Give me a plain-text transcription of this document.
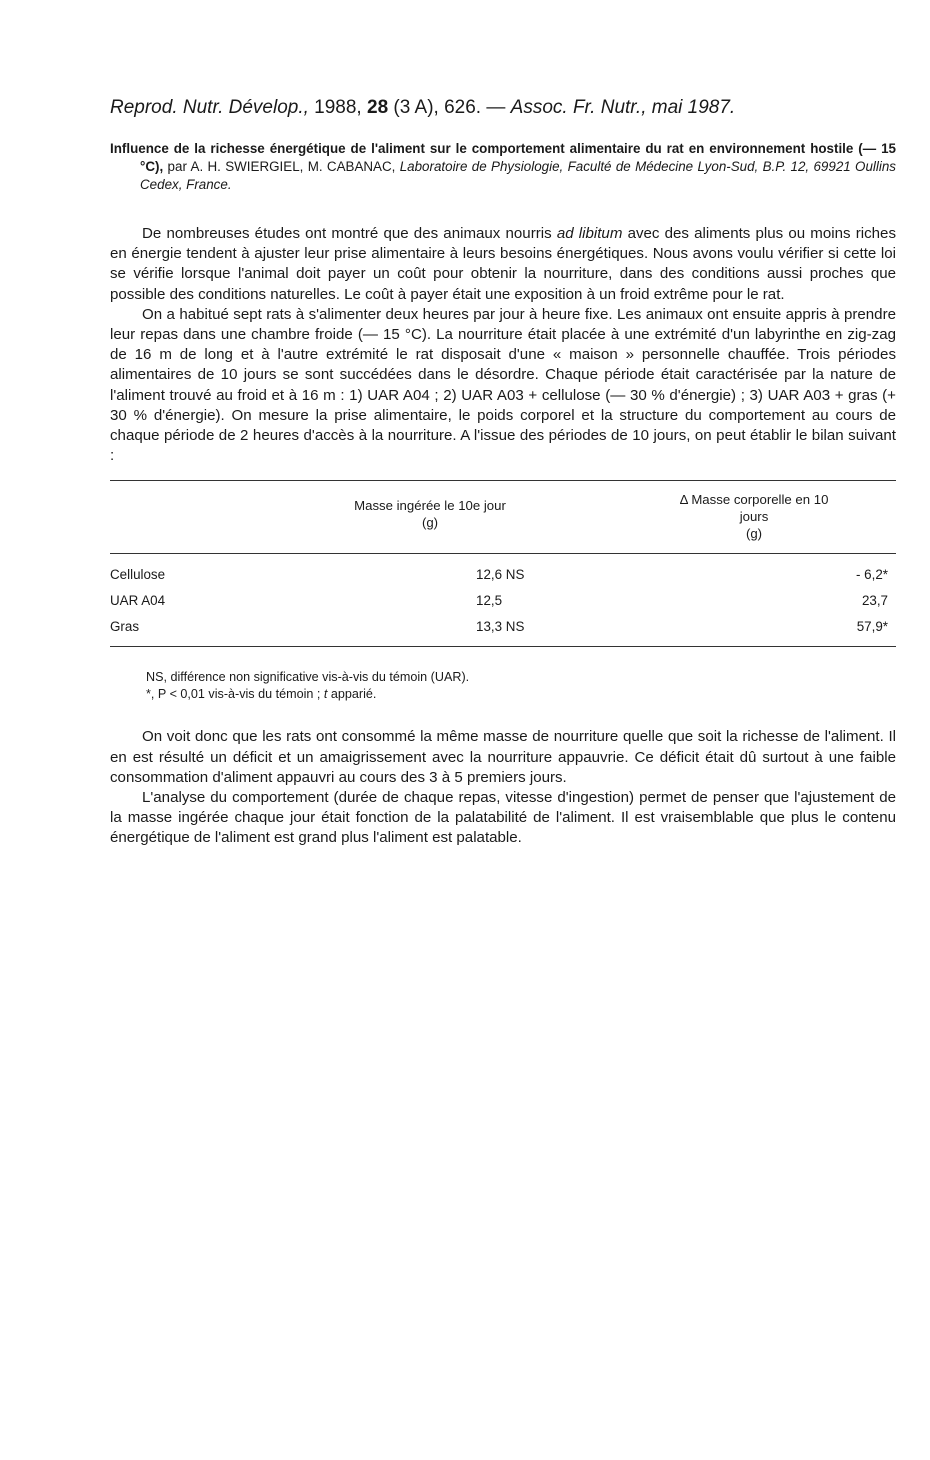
Reprod. Nutr. Dévelop., 1988, 28 (3 A), 626. — Assoc. Fr. Nutr., mai 1987.
Influence de la richesse énergétique de l'aliment sur le comportement alimentaire du rat en environnement hostile (— 15 °C), par A. H. SWIERGIEL, M. CABANAC, Laboratoire de Physiologie, Faculté de Médecine Lyon-Sud, B.P. 12, 69921 Oullins Cedex, France.

De nombreuses études ont montré que des animaux nourris ad libitum avec des aliments plus ou moins riches en énergie tendent à ajuster leur prise alimentaire à leurs besoins énergétiques. Nous avons voulu vérifier si cette loi se vérifie lorsque l'animal doit payer un coût pour obtenir la nourriture, dans des conditions aussi proches que possible des conditions naturelles. Le coût à payer était une exposition à un froid extrême pour le rat.

On a habitué sept rats à s'alimenter deux heures par jour à heure fixe. Les animaux ont ensuite appris à prendre leur repas dans une chambre froide (— 15 °C). La nourriture était placée à une extrémité d'un labyrinthe en zig-zag de 16 m de long et à l'autre extrémité le rat disposait d'une « maison » personnelle chauffée. Trois périodes alimentaires de 10 jours se sont succédées dans le désordre. Chaque période était caractérisée par la nature de l'aliment trouvé au froid et à 16 m : 1) UAR A04 ; 2) UAR A03 + cellulose (— 30 % d'énergie) ; 3) UAR A03 + gras (+ 30 % d'énergie). On mesure la prise alimentaire, le poids corporel et la structure du comportement au cours de chaque période de 2 heures d'accès à la nourriture. A l'issue des périodes de 10 jours, on peut établir le bilan suivant :

Masse ingérée le 10e jour
(g)
Δ Masse corporelle en 10
jours
(g)
Cellulose	12,6 NS	- 6,2*
UAR A04	12,5	23,7
Gras	13,3 NS	57,9*
NS, différence non significative vis-à-vis du témoin (UAR).
*, P < 0,01 vis-à-vis du témoin ; t apparié.

On voit donc que les rats ont consommé la même masse de nourriture quelle que soit la richesse de l'aliment. Il en est résulté un déficit et un amaigrissement avec la nourriture appauvrie. Ce déficit était dû surtout à une faible consommation d'aliment appauvri au cours des 3 à 5 premiers jours.

L'analyse du comportement (durée de chaque repas, vitesse d'ingestion) permet de penser que l'ajustement de la masse ingérée chaque jour était fonction de la palatabilité de l'aliment. Il est vraisemblable que plus le contenu énergétique de l'aliment est grand plus l'aliment est palatable.
